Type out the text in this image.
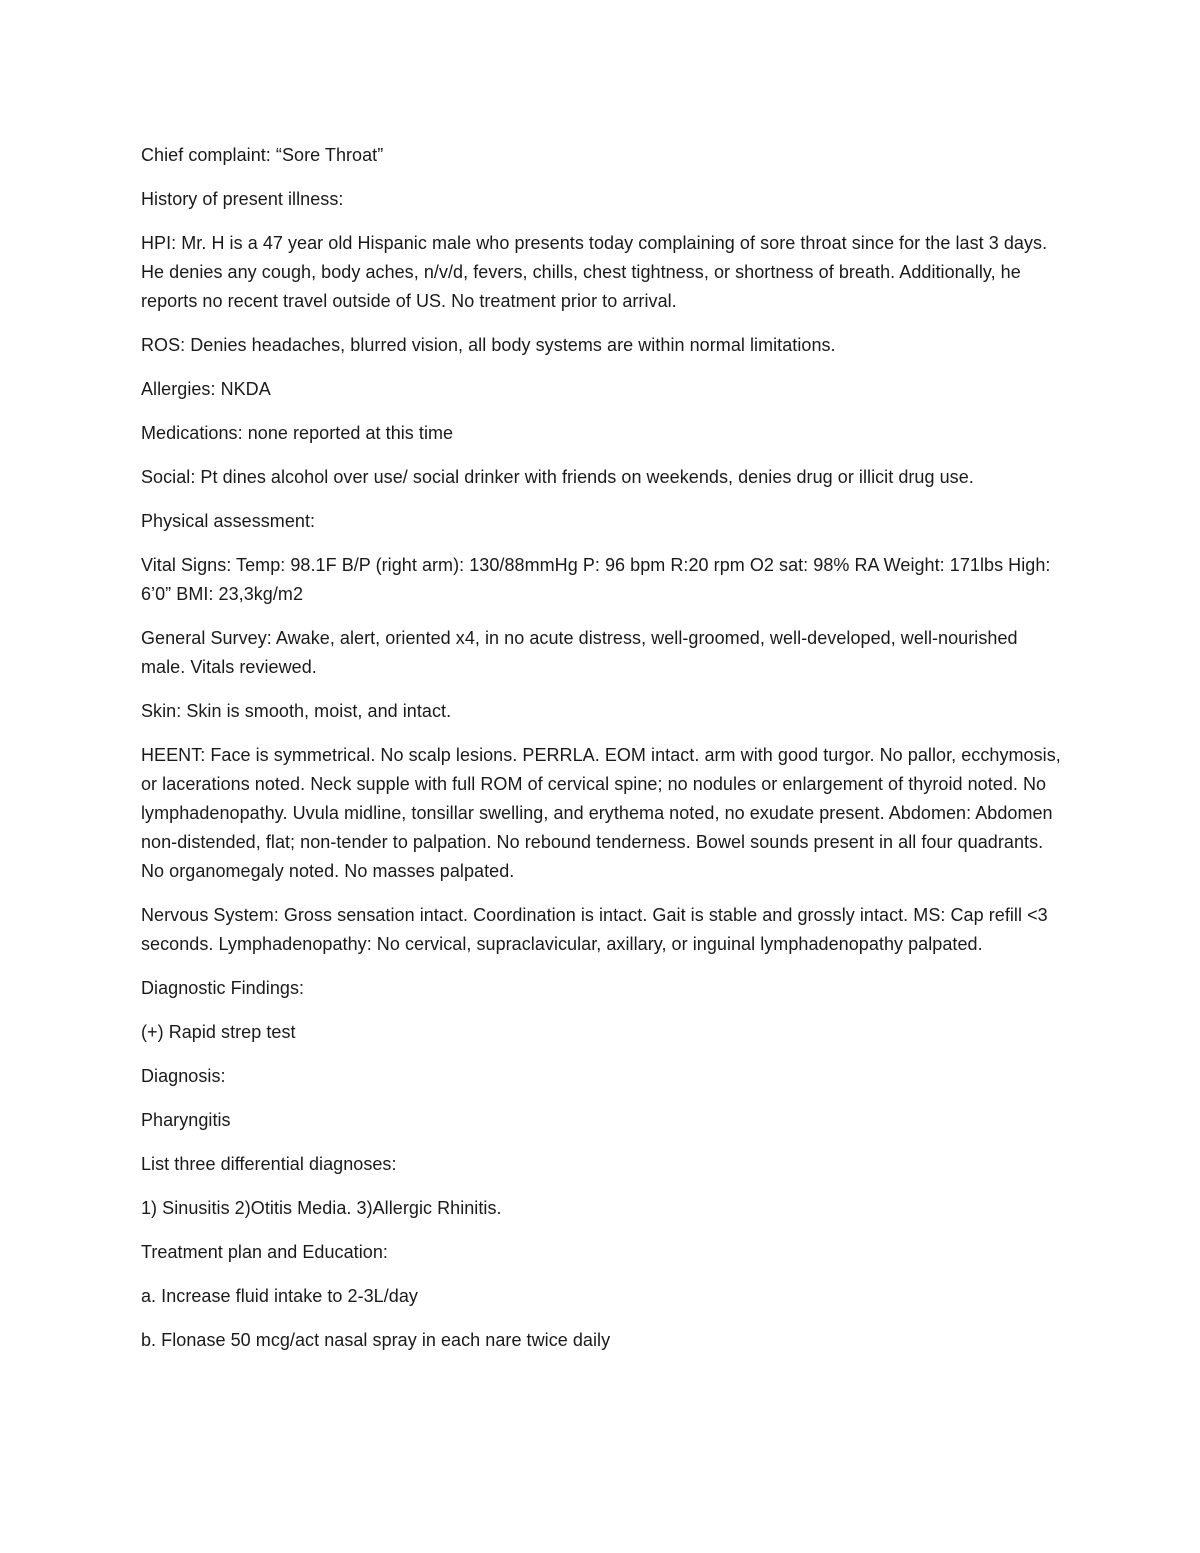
Chief complaint: “Sore Throat”

History of present illness:

HPI: Mr. H is a 47 year old Hispanic male who presents today complaining of sore throat since for the last 3 days. He denies any cough, body aches, n/v/d, fevers, chills, chest tightness, or shortness of breath. Additionally, he reports no recent travel outside of US. No treatment prior to arrival.

ROS: Denies headaches, blurred vision, all body systems are within normal limitations.

Allergies: NKDA

Medications: none reported at this time

Social: Pt dines alcohol over use/ social drinker with friends on weekends, denies drug or illicit drug use.

Physical assessment:

Vital Signs: Temp: 98.1F B/P (right arm): 130/88mmHg P: 96 bpm R:20 rpm O2 sat: 98% RA Weight: 171lbs High: 6’0” BMI: 23,3kg/m2

General Survey: Awake, alert, oriented x4, in no acute distress, well-groomed, well-developed, well-nourished male. Vitals reviewed.

Skin: Skin is smooth, moist, and intact.

HEENT: Face is symmetrical. No scalp lesions. PERRLA. EOM intact. arm with good turgor. No pallor, ecchymosis, or lacerations noted. Neck supple with full ROM of cervical spine; no nodules or enlargement of thyroid noted. No lymphadenopathy. Uvula midline, tonsillar swelling, and erythema noted, no exudate present. Abdomen: Abdomen non-distended, flat; non-tender to palpation. No rebound tenderness. Bowel sounds present in all four quadrants. No organomegaly noted. No masses palpated.

Nervous System: Gross sensation intact. Coordination is intact. Gait is stable and grossly intact. MS: Cap refill <3 seconds. Lymphadenopathy: No cervical, supraclavicular, axillary, or inguinal lymphadenopathy palpated.

Diagnostic Findings:

(+) Rapid strep test

Diagnosis:

Pharyngitis

List three differential diagnoses:

1) Sinusitis 2)Otitis Media. 3)Allergic Rhinitis.

Treatment plan and Education:

a. Increase fluid intake to 2-3L/day

b. Flonase 50 mcg/act nasal spray in each nare twice daily
